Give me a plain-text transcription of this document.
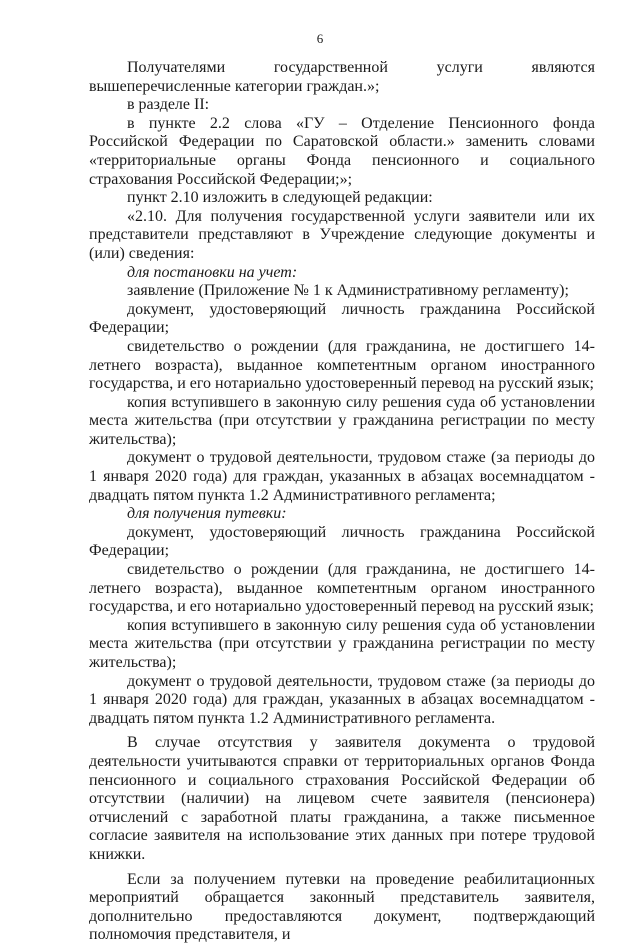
6

Получателями государственной услуги являются вышеперечисленные категории граждан.»;

в разделе II:

в пункте 2.2 слова «ГУ – Отделение Пенсионного фонда Российской Федерации по Саратовской области.» заменить словами «территориальные органы Фонда пенсионного и социального страхования Российской Федерации;»;

пункт 2.10 изложить в следующей редакции:

«2.10. Для получения государственной услуги заявители или их представители представляют в Учреждение следующие документы и (или) сведения:

для постановки на учет:

заявление (Приложение № 1 к Административному регламенту);

документ, удостоверяющий личность гражданина Российской Федерации;

свидетельство о рождении (для гражданина, не достигшего 14-летнего возраста), выданное компетентным органом иностранного государства, и его нотариально удостоверенный перевод на русский язык;

копия вступившего в законную силу решения суда об установлении места жительства (при отсутствии у гражданина регистрации по месту жительства);

документ о трудовой деятельности, трудовом стаже (за периоды до 1 января 2020 года) для граждан, указанных в абзацах восемнадцатом - двадцать пятом пункта 1.2 Административного регламента;

для получения путевки:

документ, удостоверяющий личность гражданина Российской Федерации;

свидетельство о рождении (для гражданина, не достигшего 14-летнего возраста), выданное компетентным органом иностранного государства, и его нотариально удостоверенный перевод на русский язык;

копия вступившего в законную силу решения суда об установлении места жительства (при отсутствии у гражданина регистрации по месту жительства);

документ о трудовой деятельности, трудовом стаже (за периоды до 1 января 2020 года) для граждан, указанных в абзацах восемнадцатом - двадцать пятом пункта 1.2 Административного регламента.

В случае отсутствия у заявителя документа о трудовой деятельности учитываются справки от территориальных органов Фонда пенсионного и социального страхования Российской Федерации об отсутствии (наличии) на лицевом счете заявителя (пенсионера) отчислений с заработной платы гражданина, а также письменное согласие заявителя на использование этих данных при потере трудовой книжки.

Если за получением путевки на проведение реабилитационных мероприятий обращается законный представитель заявителя, дополнительно предоставляются документ, подтверждающий полномочия представителя, и
